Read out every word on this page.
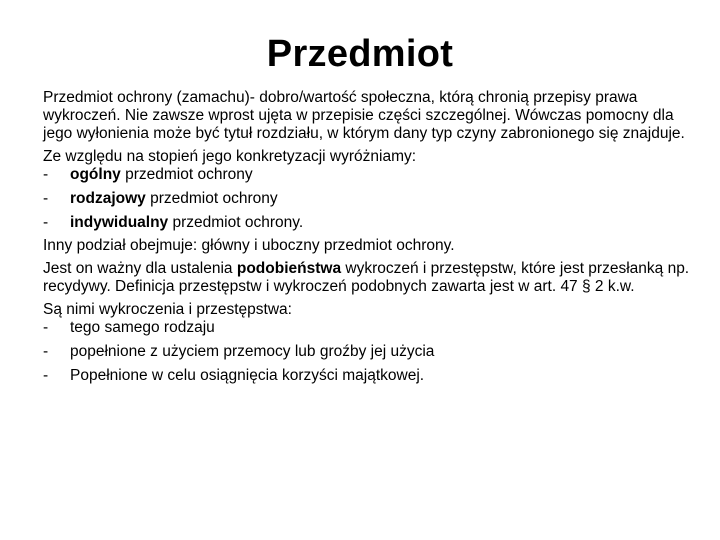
Przedmiot

Przedmiot ochrony (zamachu)- dobro/wartość społeczna, którą chronią przepisy prawa wykroczeń. Nie zawsze wprost ujęta w przepisie części szczególnej. Wówczas pomocny dla jego wyłonienia może być tytuł rozdziału, w którym dany typ czyny zabronionego się znajduje.

Ze względu na stopień jego konkretyzacji wyróżniamy:

- ogólny przedmiot ochrony
- rodzajowy przedmiot ochrony
- indywidualny przedmiot ochrony.

Inny podział obejmuje: główny i uboczny przedmiot ochrony.

Jest on ważny dla ustalenia podobieństwa wykroczeń i przestępstw, które jest przesłanką np. recydywy. Definicja przestępstw i wykroczeń podobnych zawarta jest w art. 47 § 2 k.w.

Są nimi wykroczenia i przestępstwa:

- tego samego rodzaju
- popełnione z użyciem przemocy lub groźby jej użycia
- Popełnione w celu osiągnięcia korzyści majątkowej.
